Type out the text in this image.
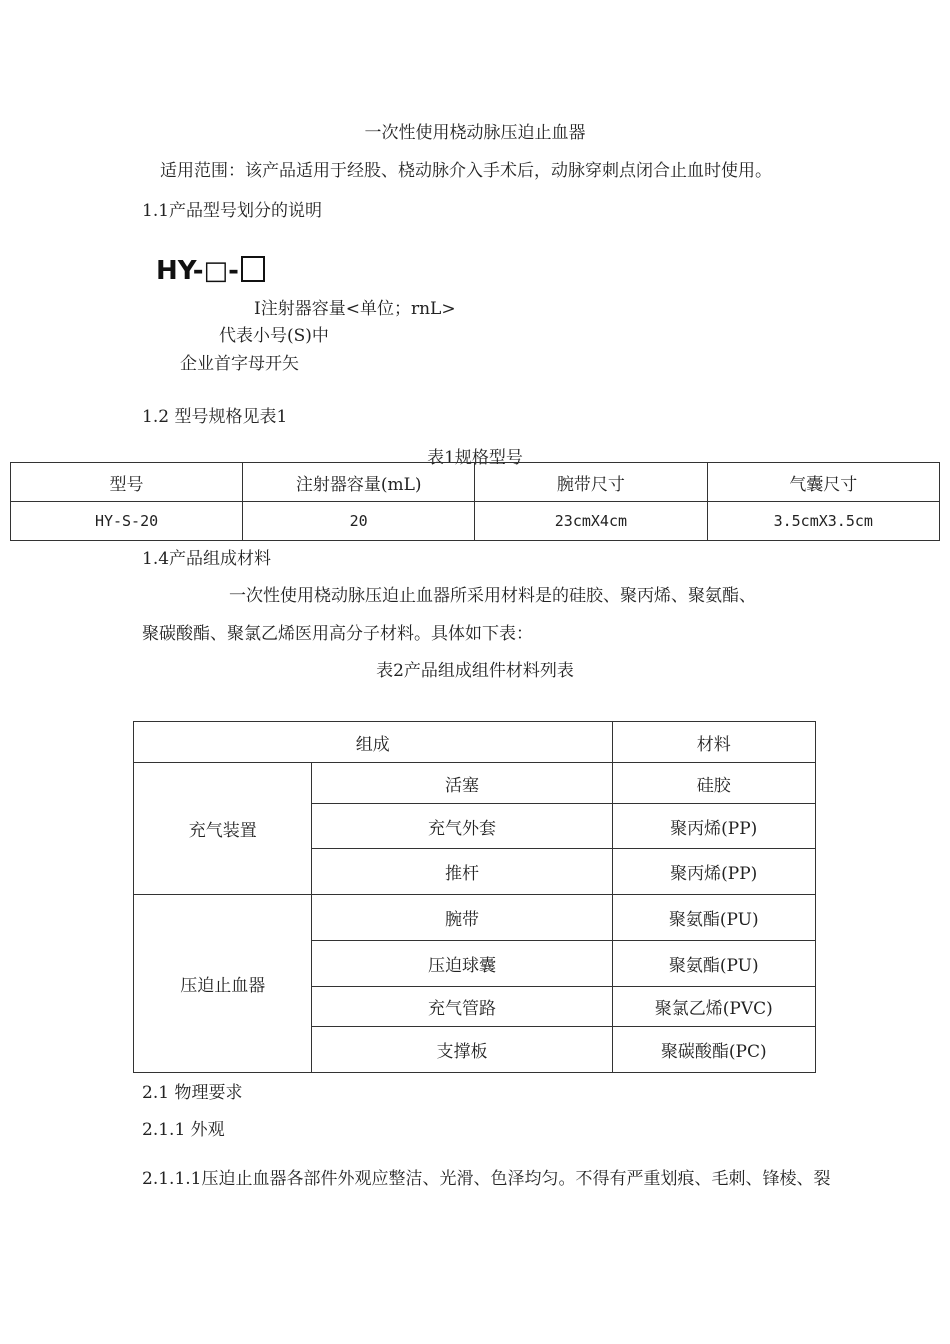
一次性使用桡动脉压迫止血器
适用范围：该产品适用于经股、桡动脉介入手术后，动脉穿刺点闭合止血时使用。
1.1产品型号划分的说明
HY-□-
I注射器容量<单位；rnL>
代表小号(S)中
企业首字母开矢
1.2 型号规格见表1
表1规格型号
型号	注射器容量(mL)	腕带尺寸	气囊尺寸
HY-S-20	20	23cmX4cm	3.5cmX3.5cm
1.4产品组成材料
一次性使用桡动脉压迫止血器所采用材料是的硅胶、聚丙烯、聚氨酯、
聚碳酸酯、聚氯乙烯医用高分子材料。具体如下表：
表2产品组成组件材料列表
组成		材料
充气装置	活塞	硅胶
	充气外套	聚丙烯(PP)
	推杆	聚丙烯(PP)
压迫止血器	腕带	聚氨酯(PU)
	压迫球囊	聚氨酯(PU)
	充气管路	聚氯乙烯(PVC)
	支撑板	聚碳酸酯(PC)
2.1 物理要求
2.1.1 外观
2.1.1.1压迫止血器各部件外观应整洁、光滑、色泽均匀。不得有严重划痕、毛刺、锋棱、裂
